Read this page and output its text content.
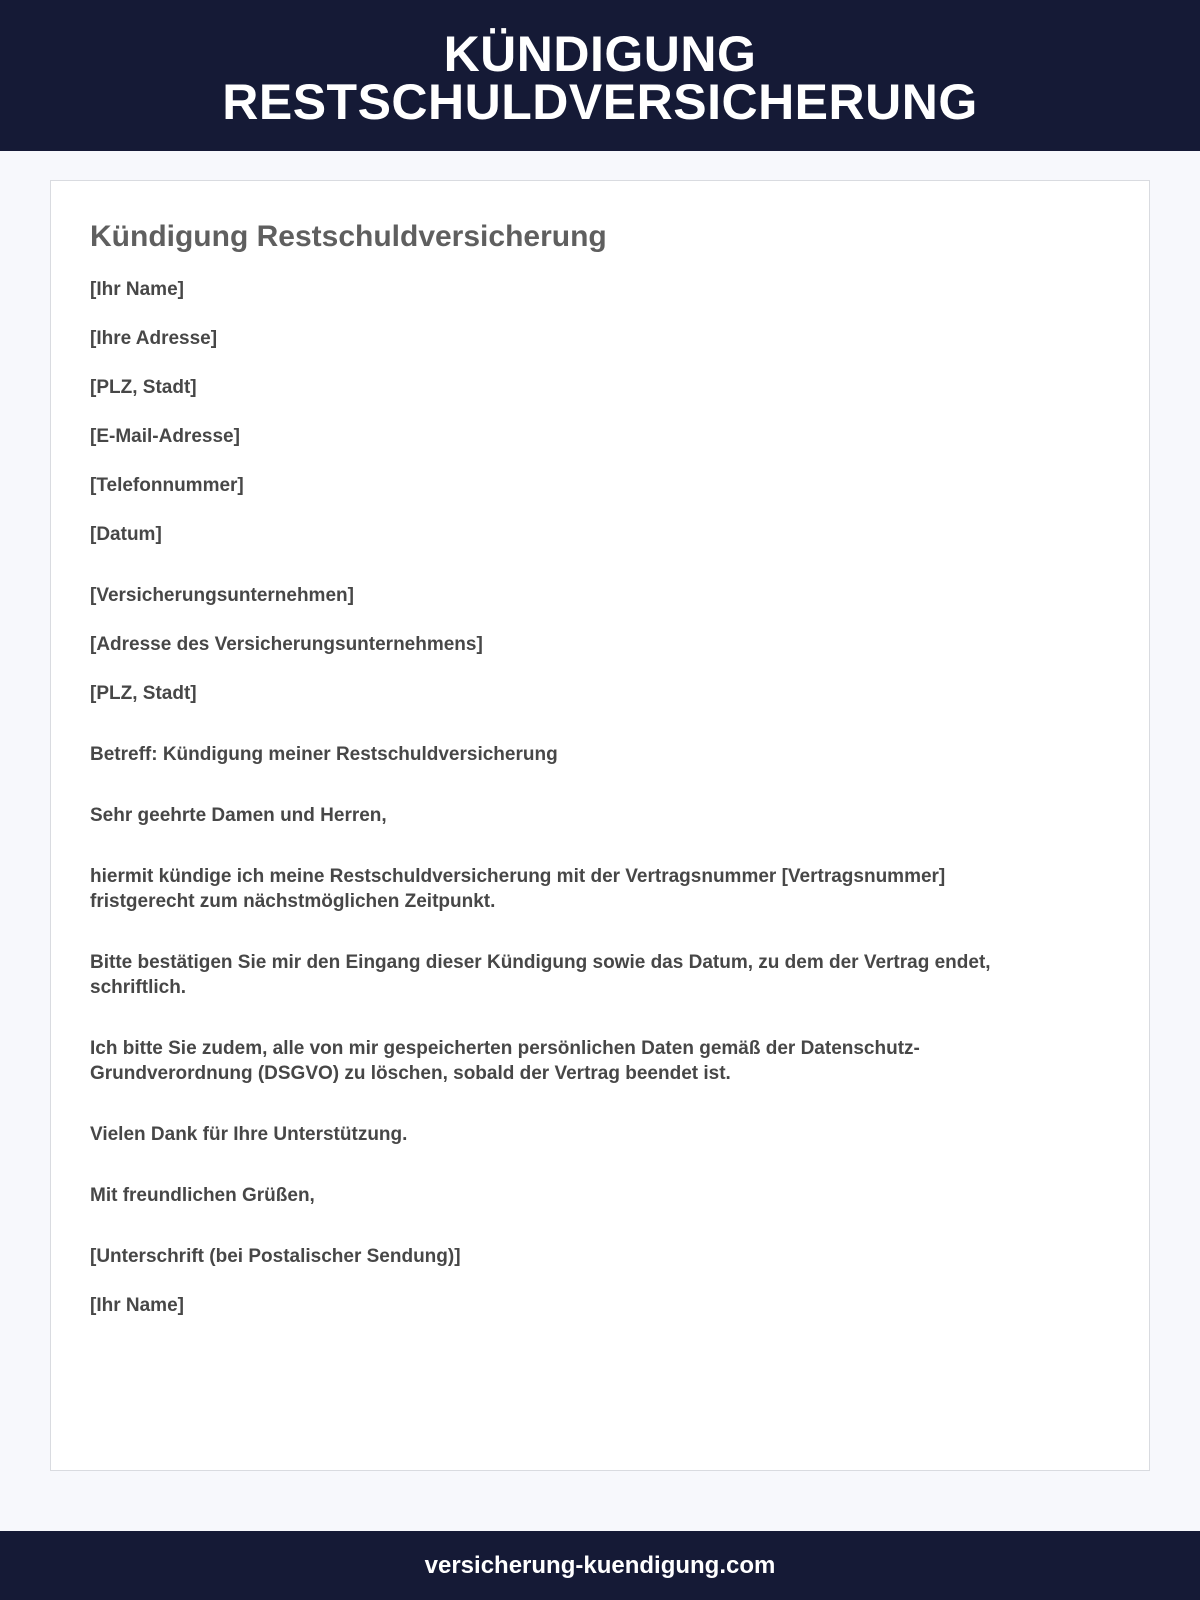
KÜNDIGUNG
RESTSCHULDVERSICHERUNG
Kündigung Restschuldversicherung

[Ihr Name]

[Ihre Adresse]

[PLZ, Stadt]

[E-Mail-Adresse]

[Telefonnummer]

[Datum]

[Versicherungsunternehmen]

[Adresse des Versicherungsunternehmens]

[PLZ, Stadt]

Betreff: Kündigung meiner Restschuldversicherung

Sehr geehrte Damen und Herren,

hiermit kündige ich meine Restschuldversicherung mit der Vertragsnummer [Vertragsnummer] fristgerecht zum nächstmöglichen Zeitpunkt.

Bitte bestätigen Sie mir den Eingang dieser Kündigung sowie das Datum, zu dem der Vertrag endet, schriftlich.

Ich bitte Sie zudem, alle von mir gespeicherten persönlichen Daten gemäß der Datenschutz-Grundverordnung (DSGVO) zu löschen, sobald der Vertrag beendet ist.

Vielen Dank für Ihre Unterstützung.

Mit freundlichen Grüßen,

[Unterschrift (bei Postalischer Sendung)]

[Ihr Name]

versicherung-kuendigung.com
